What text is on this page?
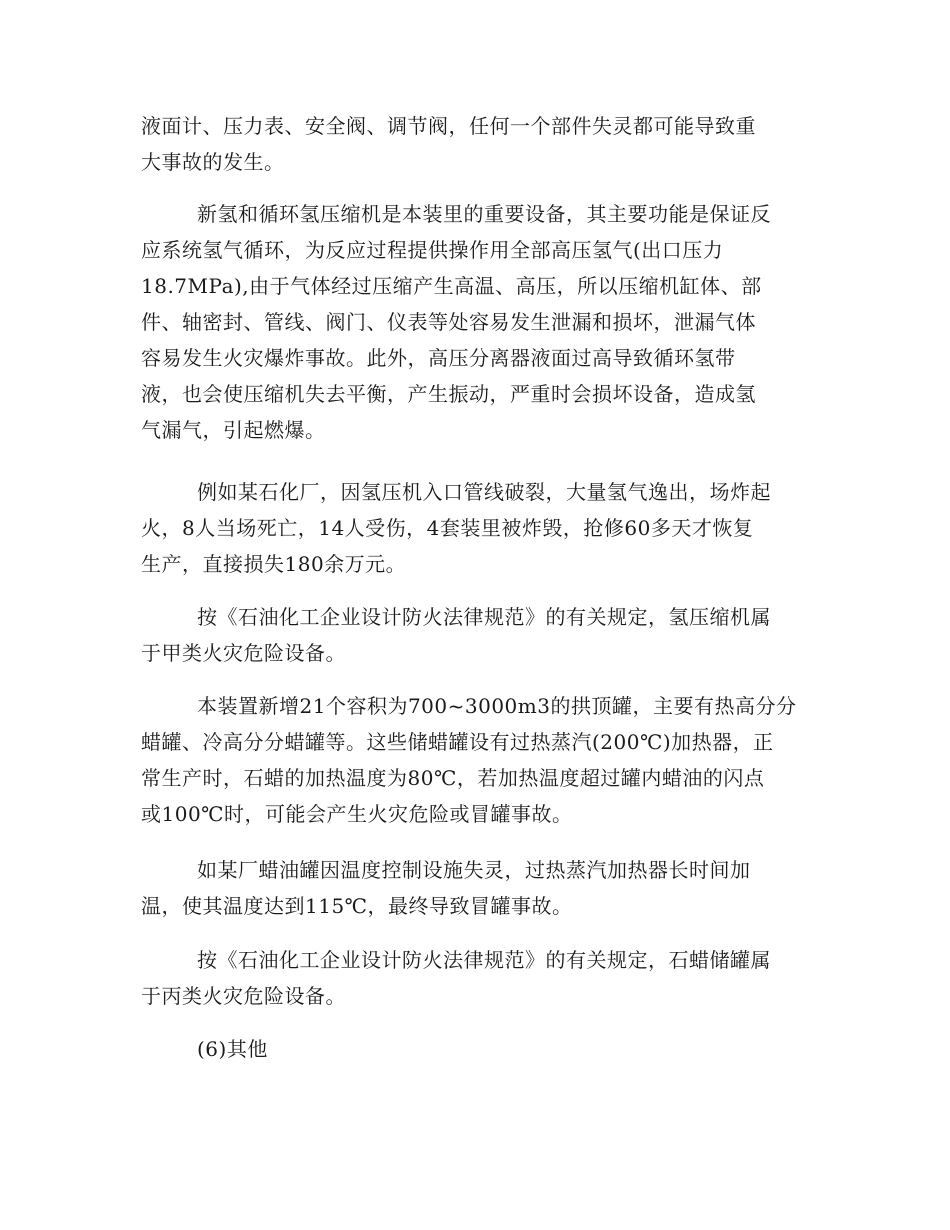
液面计、压力表、安全阀、调节阀，任何一个部件失灵都可能导致重
大事故的发生。
新氢和循环氢压缩机是本装里的重要设备，其主要功能是保证反
应系统氢气循环，为反应过程提供操作用全部高压氢气(出口压力
18.7MPa),由于气体经过压缩产生高温、高压，所以压缩机缸体、部
件、轴密封、管线、阀门、仪表等处容易发生泄漏和损坏，泄漏气体
容易发生火灾爆炸事故。此外，高压分离器液面过高导致循环氢带
液，也会使压缩机失去平衡，产生振动，严重时会损坏设备，造成氢
气漏气，引起燃爆。
例如某石化厂，因氢压机入口管线破裂，大量氢气逸出，场炸起
火，8人当场死亡，14人受伤，4套装里被炸毁，抢修60多天才恢复
生产，直接损失180余万元。
按《石油化工企业设计防火法律规范》的有关规定，氢压缩机属
于甲类火灾危险设备。
本装置新增21个容积为700~3000m3的拱顶罐，主要有热高分分
蜡罐、冷高分分蜡罐等。这些储蜡罐设有过热蒸汽(200℃)加热器，正
常生产时，石蜡的加热温度为80℃，若加热温度超过罐内蜡油的闪点
或100℃时，可能会产生火灾危险或冒罐事故。
如某厂蜡油罐因温度控制设施失灵，过热蒸汽加热器长时间加
温，使其温度达到115℃，最终导致冒罐事故。
按《石油化工企业设计防火法律规范》的有关规定，石蜡储罐属
于丙类火灾危险设备。
(6)其他
